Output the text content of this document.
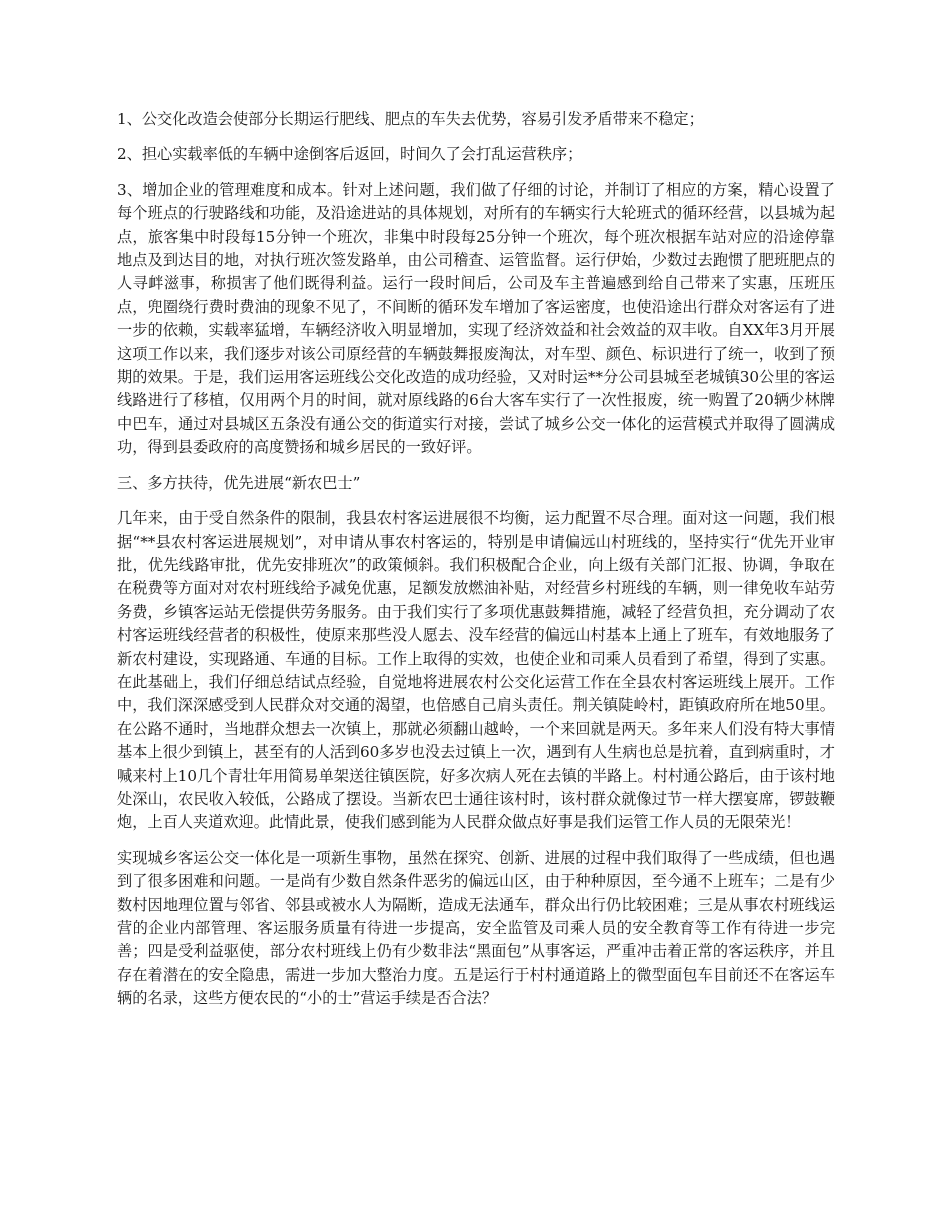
1、公交化改造会使部分长期运行肥线、肥点的车失去优势，容易引发矛盾带来不稳定；

2、担心实载率低的车辆中途倒客后返回，时间久了会打乱运营秩序；

3、增加企业的管理难度和成本。针对上述问题，我们做了仔细的讨论，并制订了相应的方案，精心设置了每个班点的行驶路线和功能，及沿途进站的具体规划，对所有的车辆实行大轮班式的循环经营，以县城为起点，旅客集中时段每15分钟一个班次，非集中时段每25分钟一个班次，每个班次根据车站对应的沿途停靠地点及到达目的地，对执行班次签发路单，由公司稽查、运管监督。运行伊始，少数过去跑惯了肥班肥点的人寻衅滋事，称损害了他们既得利益。运行一段时间后，公司及车主普遍感到给自己带来了实惠，压班压点，兜圈绕行费时费油的现象不见了，不间断的循环发车增加了客运密度，也使沿途出行群众对客运有了进一步的依赖，实载率猛增，车辆经济收入明显增加，实现了经济效益和社会效益的双丰收。自XX年3月开展这项工作以来，我们逐步对该公司原经营的车辆鼓舞报废淘汰，对车型、颜色、标识进行了统一，收到了预期的效果。于是，我们运用客运班线公交化改造的成功经验，又对时运**分公司县城至老城镇30公里的客运线路进行了移植，仅用两个月的时间，就对原线路的6台大客车实行了一次性报废，统一购置了20辆少林牌中巴车，通过对县城区五条没有通公交的街道实行对接，尝试了城乡公交一体化的运营模式并取得了圆满成功，得到县委政府的高度赞扬和城乡居民的一致好评。

三、多方扶待，优先进展“新农巴士”

几年来，由于受自然条件的限制，我县农村客运进展很不均衡，运力配置不尽合理。面对这一问题，我们根据“**县农村客运进展规划”，对申请从事农村客运的，特别是申请偏远山村班线的，坚持实行“优先开业审批，优先线路审批，优先安排班次”的政策倾斜。我们积极配合企业，向上级有关部门汇报、协调，争取在在税费等方面对对农村班线给予减免优惠，足额发放燃油补贴，对经营乡村班线的车辆，则一律免收车站劳务费，乡镇客运站无偿提供劳务服务。由于我们实行了多项优惠鼓舞措施，减轻了经营负担，充分调动了农村客运班线经营者的积极性，使原来那些没人愿去、没车经营的偏远山村基本上通上了班车，有效地服务了新农村建设，实现路通、车通的目标。工作上取得的实效，也使企业和司乘人员看到了希望，得到了实惠。在此基础上，我们仔细总结试点经验，自觉地将进展农村公交化运营工作在全县农村客运班线上展开。工作中，我们深深感受到人民群众对交通的渴望，也倍感自己肩头责任。荆关镇陡岭村，距镇政府所在地50里。在公路不通时，当地群众想去一次镇上，那就必须翻山越岭，一个来回就是两天。多年来人们没有特大事情基本上很少到镇上，甚至有的人活到60多岁也没去过镇上一次，遇到有人生病也总是抗着，直到病重时，才喊来村上10几个青壮年用简易单架送往镇医院，好多次病人死在去镇的半路上。村村通公路后，由于该村地处深山，农民收入较低，公路成了摆设。当新农巴士通往该村时，该村群众就像过节一样大摆宴席，锣鼓鞭炮，上百人夹道欢迎。此情此景，使我们感到能为人民群众做点好事是我们运管工作人员的无限荣光！

实现城乡客运公交一体化是一项新生事物，虽然在探究、创新、进展的过程中我们取得了一些成绩，但也遇到了很多困难和问题。一是尚有少数自然条件恶劣的偏远山区，由于种种原因，至今通不上班车；二是有少数村因地理位置与邻省、邻县或被水人为隔断，造成无法通车，群众出行仍比较困难；三是从事农村班线运营的企业内部管理、客运服务质量有待进一步提高，安全监管及司乘人员的安全教育等工作有待进一步完善；四是受利益驱使，部分农村班线上仍有少数非法“黑面包”从事客运，严重冲击着正常的客运秩序，并且存在着潜在的安全隐患，需进一步加大整治力度。五是运行于村村通道路上的微型面包车目前还不在客运车辆的名录，这些方便农民的“小的士”营运手续是否合法？
